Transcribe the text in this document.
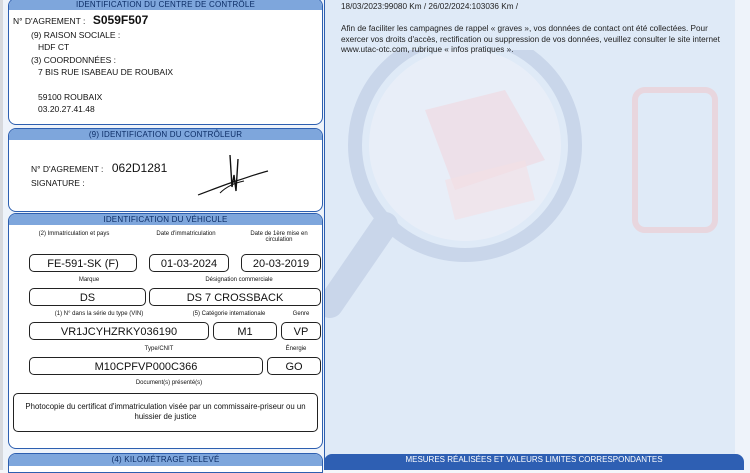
IDENTIFICATION DU CENTRE DE CONTRÔLE
N° D'AGREMENT : S059F507
(9) RAISON SOCIALE :
HDF CT
(3) COORDONNÉES :
7 BIS RUE ISABEAU DE ROUBAIX
59100 ROUBAIX
03.20.27.41.48
(9) IDENTIFICATION DU CONTRÔLEUR
N° D'AGREMENT : 062D1281
SIGNATURE :
IDENTIFICATION DU VÉHICULE
(2) Immatriculation et pays	Date d'immatriculation	Date de 1ère mise en circulation
FE-591-SK (F)	01-03-2024	20-03-2019
Marque	Désignation commerciale
DS	DS 7 CROSSBACK
(1) N° dans la série du type (VIN)	(5) Catégorie internationale	Genre
VR1JCYHZRKY036190	M1	VP
Type/CNIT	Énergie
M10CPFVP000C366	GO
Document(s) présenté(s)
Photocopie du certificat d'immatriculation visée par un commissaire-priseur ou un huissier de justice
(4) KILOMÉTRAGE RELEVÉ
18/03/2023:99080 Km / 26/02/2024:103036 Km /
Afin de faciliter les campagnes de rappel « graves », vos données de contact ont été collectées. Pour exercer vos droits d'accès, rectification ou suppression de vos données, veuillez consulter le site internet www.utac-otc.com, rubrique « infos pratiques ».
MESURES RÉALISÉES ET VALEURS LIMITES CORRESPONDANTES
